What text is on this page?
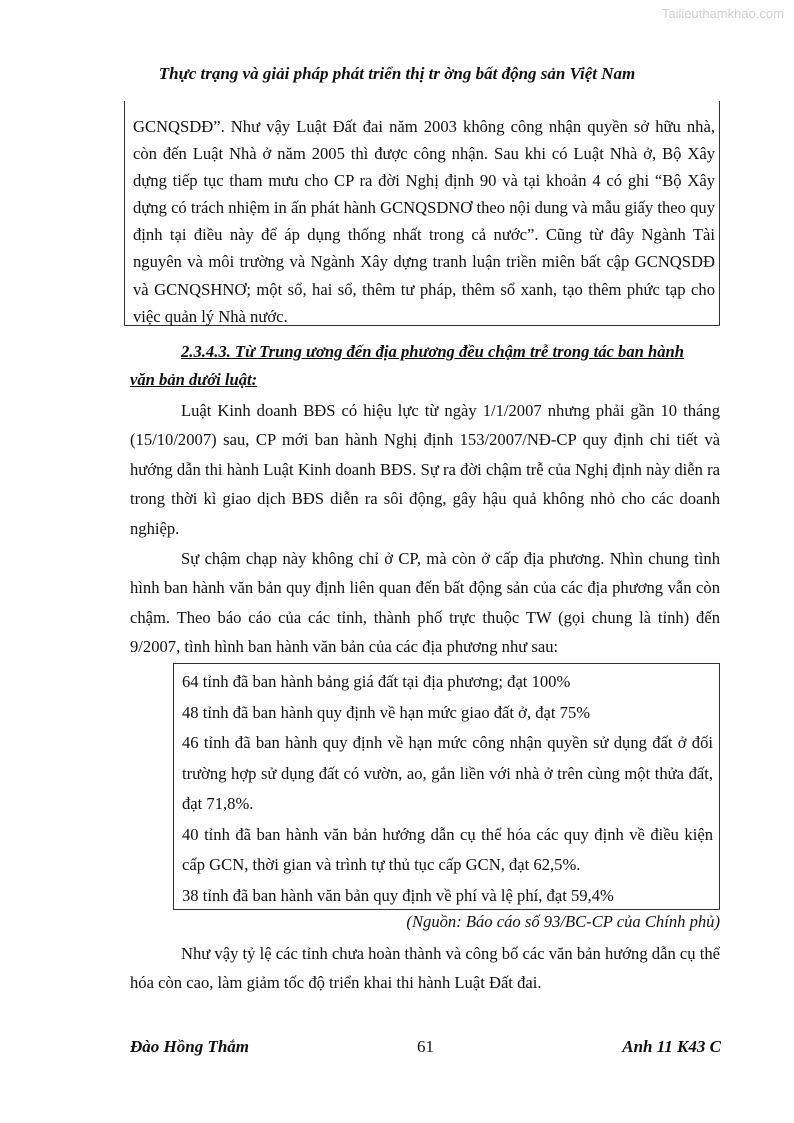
Tailieuthamkhao.com
Thực trạng và giải pháp phát triển thị tr ờng bất động sản Việt Nam

GCNQSDĐ”. Như vậy Luật Đất đai năm 2003 không công nhận quyền sở hữu nhà, còn đến Luật Nhà ở năm 2005 thì được công nhận. Sau khi có Luật Nhà ở, Bộ Xây dựng tiếp tục tham mưu cho CP ra đời Nghị định 90 và tại khoản 4 có ghi “Bộ Xây dựng có trách nhiệm in ấn phát hành GCNQSDNƠ theo nội dung và mẫu giấy theo quy định tại điều này để áp dụng thống nhất trong cả nước”. Cũng từ đây Ngành Tài nguyên và môi trường và Ngành Xây dựng tranh luận triền miên bất cập GCNQSDĐ và GCNQSHNƠ; một sổ, hai sổ, thêm tư pháp, thêm sổ xanh, tạo thêm phức tạp cho việc quản lý Nhà nước.

2.3.4.3. Từ Trung ương đến địa phương đều chậm trễ trong tác ban hành
văn bản dưới luật:

Luật Kinh doanh BĐS có hiệu lực từ ngày 1/1/2007 nhưng phải gần 10 tháng (15/10/2007) sau, CP mới ban hành Nghị định 153/2007/NĐ-CP quy định chi tiết và hướng dẫn thi hành Luật Kinh doanh BĐS. Sự ra đời chậm trễ của Nghị định này diễn ra trong thời kì giao dịch BĐS diễn ra sôi động, gây hậu quả không nhỏ cho các doanh nghiệp.

Sự chậm chạp này không chỉ ở CP, mà còn ở cấp địa phương. Nhìn chung tình hình ban hành văn bản quy định liên quan đến bất động sản của các địa phương vẫn còn chậm. Theo báo cáo của các tỉnh, thành phố trực thuộc TW (gọi chung là tỉnh) đến 9/2007, tình hình ban hành văn bản của các địa phương như sau:

64 tỉnh đã ban hành bảng giá đất tại địa phương; đạt 100%

48 tỉnh đã ban hành quy định về hạn mức giao đất ở, đạt 75%

46 tỉnh đã ban hành quy định về hạn mức công nhận quyền sử dụng đất ở đối trường hợp sử dụng đất có vườn, ao, gắn liền với nhà ở trên cùng một thửa đất, đạt 71,8%.

40 tỉnh đã ban hành văn bản hướng dẫn cụ thể hóa các quy định về điều kiện cấp GCN, thời gian và trình tự thủ tục cấp GCN, đạt 62,5%.

38 tỉnh đã ban hành văn bản quy định về phí và lệ phí, đạt 59,4%

(Nguồn: Báo cáo số 93/BC-CP của Chính phủ)

Như vậy tỷ lệ các tỉnh chưa hoàn thành và công bố các văn bản hướng dẫn cụ thể hóa còn cao, làm giảm tốc độ triển khai thi hành Luật Đất đai.

61
Đào Hồng Thắm	Anh 11 K43 C
